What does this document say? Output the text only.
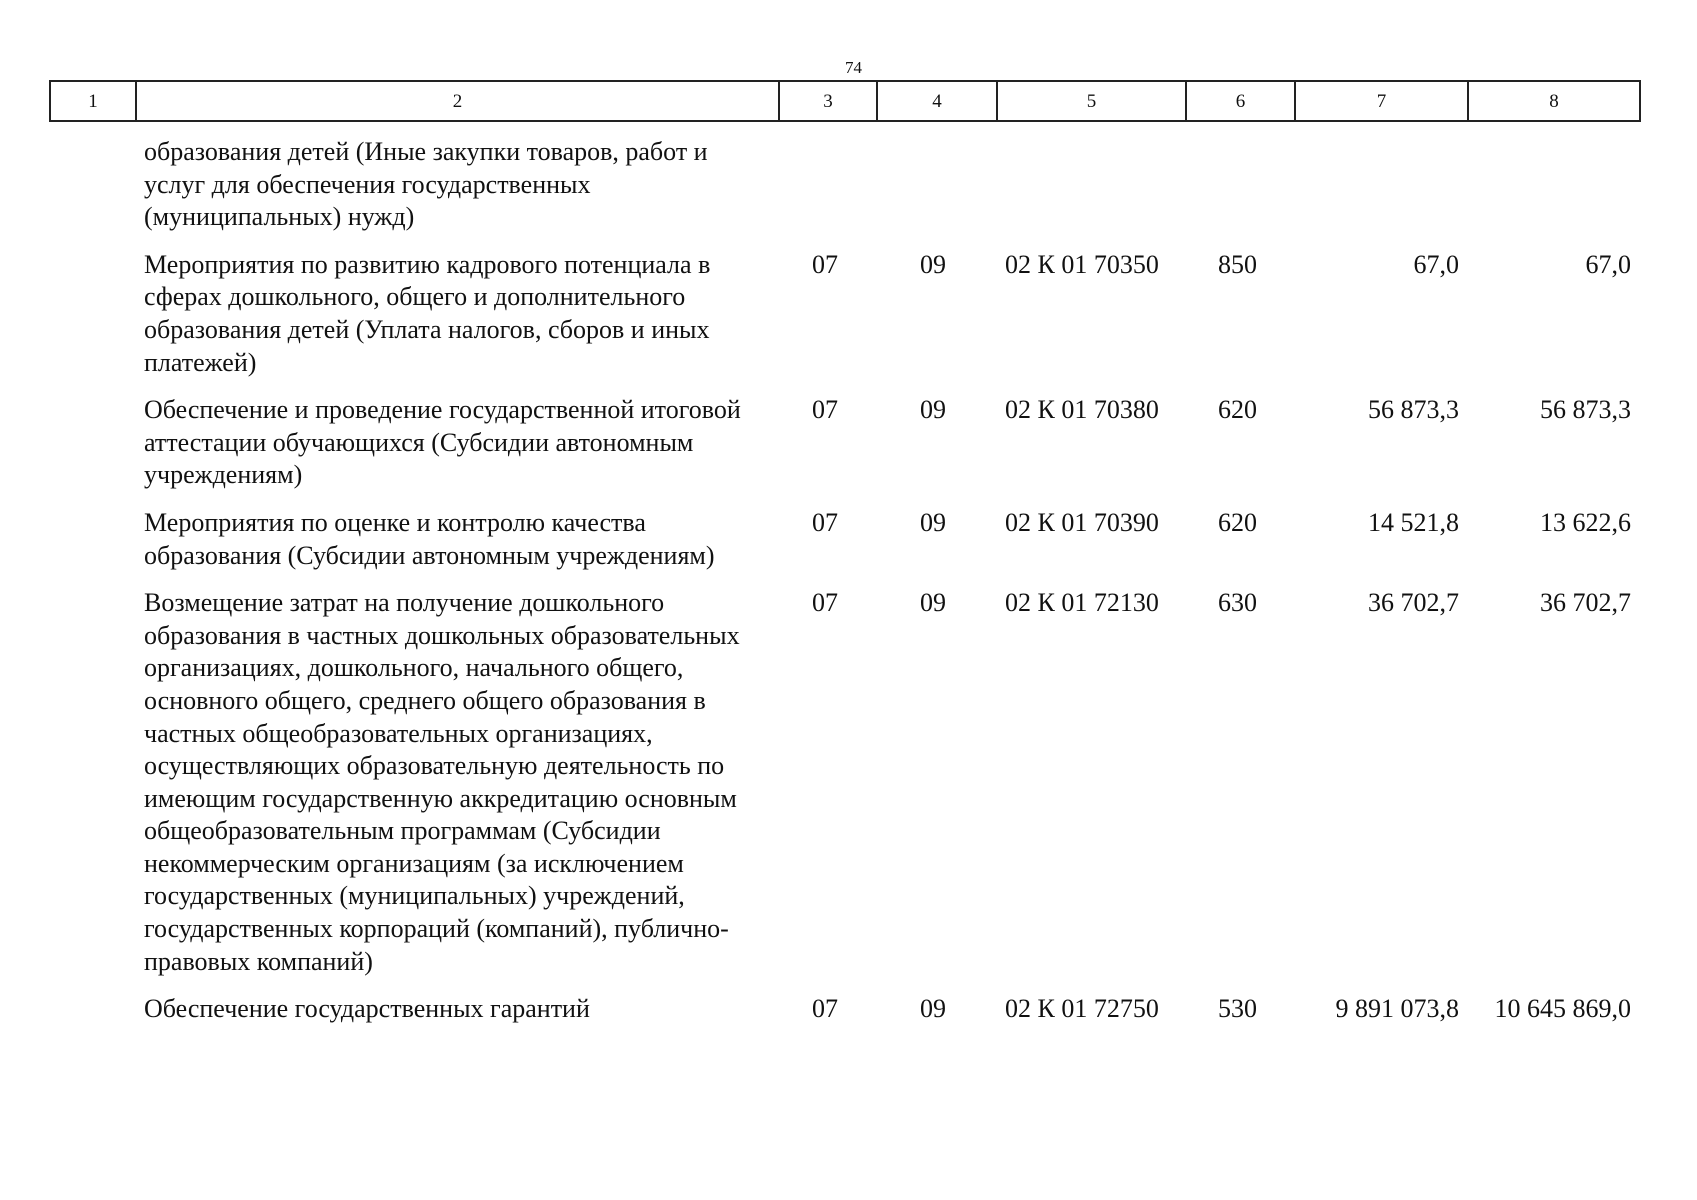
74
1	2	3	4	5	6	7	8
образования детей (Иные закупки товаров, работ и услуг для обеспечения государственных (муниципальных) нужд)						
Мероприятия по развитию кадрового потенциала в сферах дошкольного, общего и дополнительного образования детей (Уплата налогов, сборов и иных платежей)	07	09	02 К 01 70350	850	67,0	67,0
Обеспечение и проведение государственной итоговой аттестации обучающихся (Субсидии автономным учреждениям)	07	09	02 К 01 70380	620	56 873,3	56 873,3
Мероприятия по оценке и контролю качества образования (Субсидии автономным учреждениям)	07	09	02 К 01 70390	620	14 521,8	13 622,6
Возмещение затрат на получение дошкольного образования в частных дошкольных образовательных организациях, дошкольного, начального общего, основного общего, среднего общего образования в частных общеобразовательных организациях, осуществляющих образовательную деятельность по имеющим государственную аккредитацию основным общеобразовательным программам (Субсидии некоммерческим организациям (за исключением государственных (муниципальных) учреждений, государственных корпораций (компаний), публично-правовых компаний)	07	09	02 К 01 72130	630	36 702,7	36 702,7
Обеспечение государственных гарантий	07	09	02 К 01 72750	530	9 891 073,8	10 645 869,0
